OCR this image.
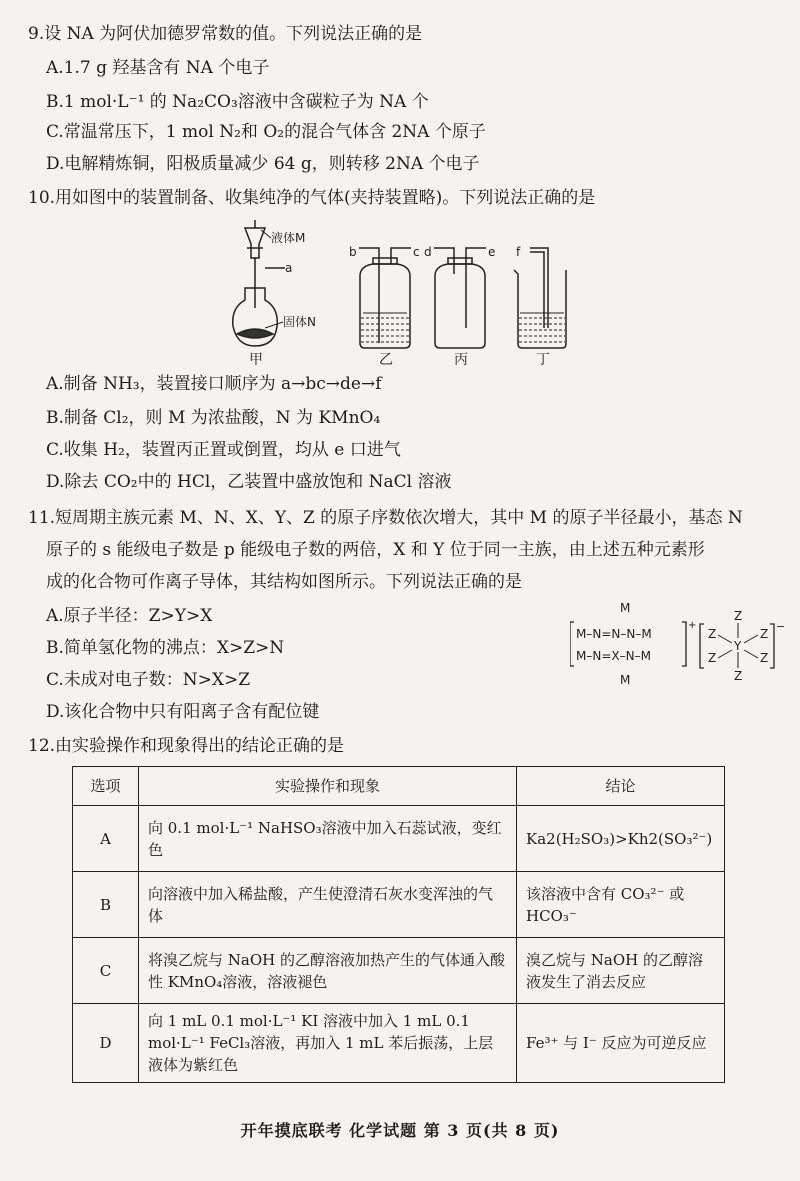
9.设 NA 为阿伏加德罗常数的值。下列说法正确的是
A.1.7 g 羟基含有 NA 个电子
B.1 mol·L⁻¹ 的 Na₂CO₃溶液中含碳粒子为 NA 个
C.常温常压下，1 mol N₂和 O₂的混合气体含 2NA 个原子
D.电解精炼铜，阳极质量减少 64 g，则转移 2NA 个电子
10.用如图中的装置制备、收集纯净的气体(夹持装置略)。下列说法正确的是
液体M
a
固体N
甲
b	c
乙
d	e
丙
f
丁
A.制备 NH₃，装置接口顺序为 a→bc→de→f
B.制备 Cl₂，则 M 为浓盐酸，N 为 KMnO₄
C.收集 H₂，装置丙正置或倒置，均从 e 口进气
D.除去 CO₂中的 HCl，乙装置中盛放饱和 NaCl 溶液
11.短周期主族元素 M、N、X、Y、Z 的原子序数依次增大，其中 M 的原子半径最小，基态 N
原子的 s 能级电子数是 p 能级电子数的两倍，X 和 Y 位于同一主族，由上述五种元素形
成的化合物可作离子导体，其结构如图所示。下列说法正确的是
A.原子半径：Z>Y>X
B.简单氢化物的沸点：X>Z>N
C.未成对电子数：N>X>Z
D.该化合物中只有阳离子含有配位键
M
M–N=N–N–M
M–N=X–N–M
+
M
Z
Z	Z
Y
Z	Z
Z
−
12.由实验操作和现象得出的结论正确的是
选项	实验操作和现象	结论
A	向 0.1 mol·L⁻¹ NaHSO₃溶液中加入石蕊试液，变红色	Ka2(H₂SO₃)>Kh2(SO₃²⁻)
B	向溶液中加入稀盐酸，产生使澄清石灰水变浑浊的气体	该溶液中含有 CO₃²⁻ 或 HCO₃⁻
C	将溴乙烷与 NaOH 的乙醇溶液加热产生的气体通入酸性 KMnO₄溶液，溶液褪色	溴乙烷与 NaOH 的乙醇溶液发生了消去反应
D	向 1 mL 0.1 mol·L⁻¹ KI 溶液中加入 1 mL 0.1 mol·L⁻¹ FeCl₃溶液，再加入 1 mL 苯后振荡，上层液体为紫红色	Fe³⁺ 与 I⁻ 反应为可逆反应
开年摸底联考 化学试题 第 3 页(共 8 页)
